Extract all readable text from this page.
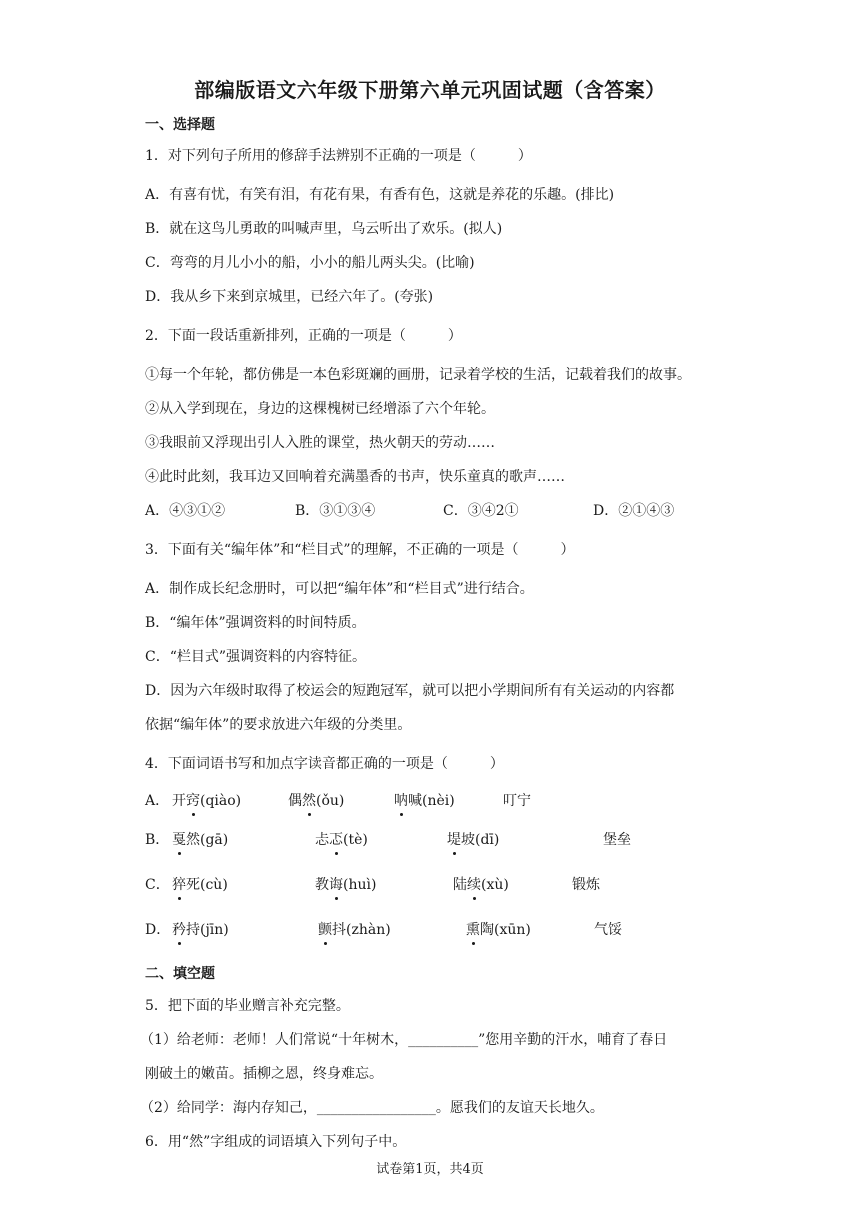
部编版语文六年级下册第六单元巩固试题（含答案）
一、选择题
1．对下列句子所用的修辞手法辨别不正确的一项是（　　　）
A．有喜有忧，有笑有泪，有花有果，有香有色，这就是养花的乐趣。(排比)
B．就在这鸟儿勇敢的叫喊声里，乌云听出了欢乐。(拟人)
C．弯弯的月儿小小的船，小小的船儿两头尖。(比喻)
D．我从乡下来到京城里，已经六年了。(夸张)
2．下面一段话重新排列，正确的一项是（　　　）
①每一个年轮，都仿佛是一本色彩斑斓的画册，记录着学校的生活，记载着我们的故事。
②从入学到现在，身边的这棵槐树已经增添了六个年轮。
③我眼前又浮现出引人入胜的课堂，热火朝天的劳动……
④此时此刻，我耳边又回响着充满墨香的书声，快乐童真的歌声……
A．④③①②	B．③①③④	C．③④2①	D．②①④③
3．下面有关“编年体”和“栏目式”的理解，不正确的一项是（　　　）
A．制作成长纪念册时，可以把“编年体”和“栏目式”进行结合。
B．“编年体”强调资料的时间特质。
C．“栏目式”强调资料的内容特征。
D．因为六年级时取得了校运会的短跑冠军，就可以把小学期间所有有关运动的内容都
依据“编年体”的要求放进六年级的分类里。
4．下面词语书写和加点字读音都正确的一项是（　　　）
A． 开窍(qiào)	偶然(ǒu)	呐喊(nèi)	叮宁
B． 戛然(gā)	忐忑(tè)	堤坡(dī)	堡垒
C． 猝死(cù)	教诲(huì)	陆续(xù)	锻炼
D． 矜持(jīn)	颤抖(zhàn)	熏陶(xūn)	气馁
二、填空题
5．把下面的毕业赠言补充完整。
（1）给老师：老师！人们常说“十年树木，__________”您用辛勤的汗水，哺育了春日
刚破土的嫩苗。插柳之恩，终身难忘。
（2）给同学：海内存知己，_________________。愿我们的友谊天长地久。
6．用“然”字组成的词语填入下列句子中。
试卷第1页，共4页
